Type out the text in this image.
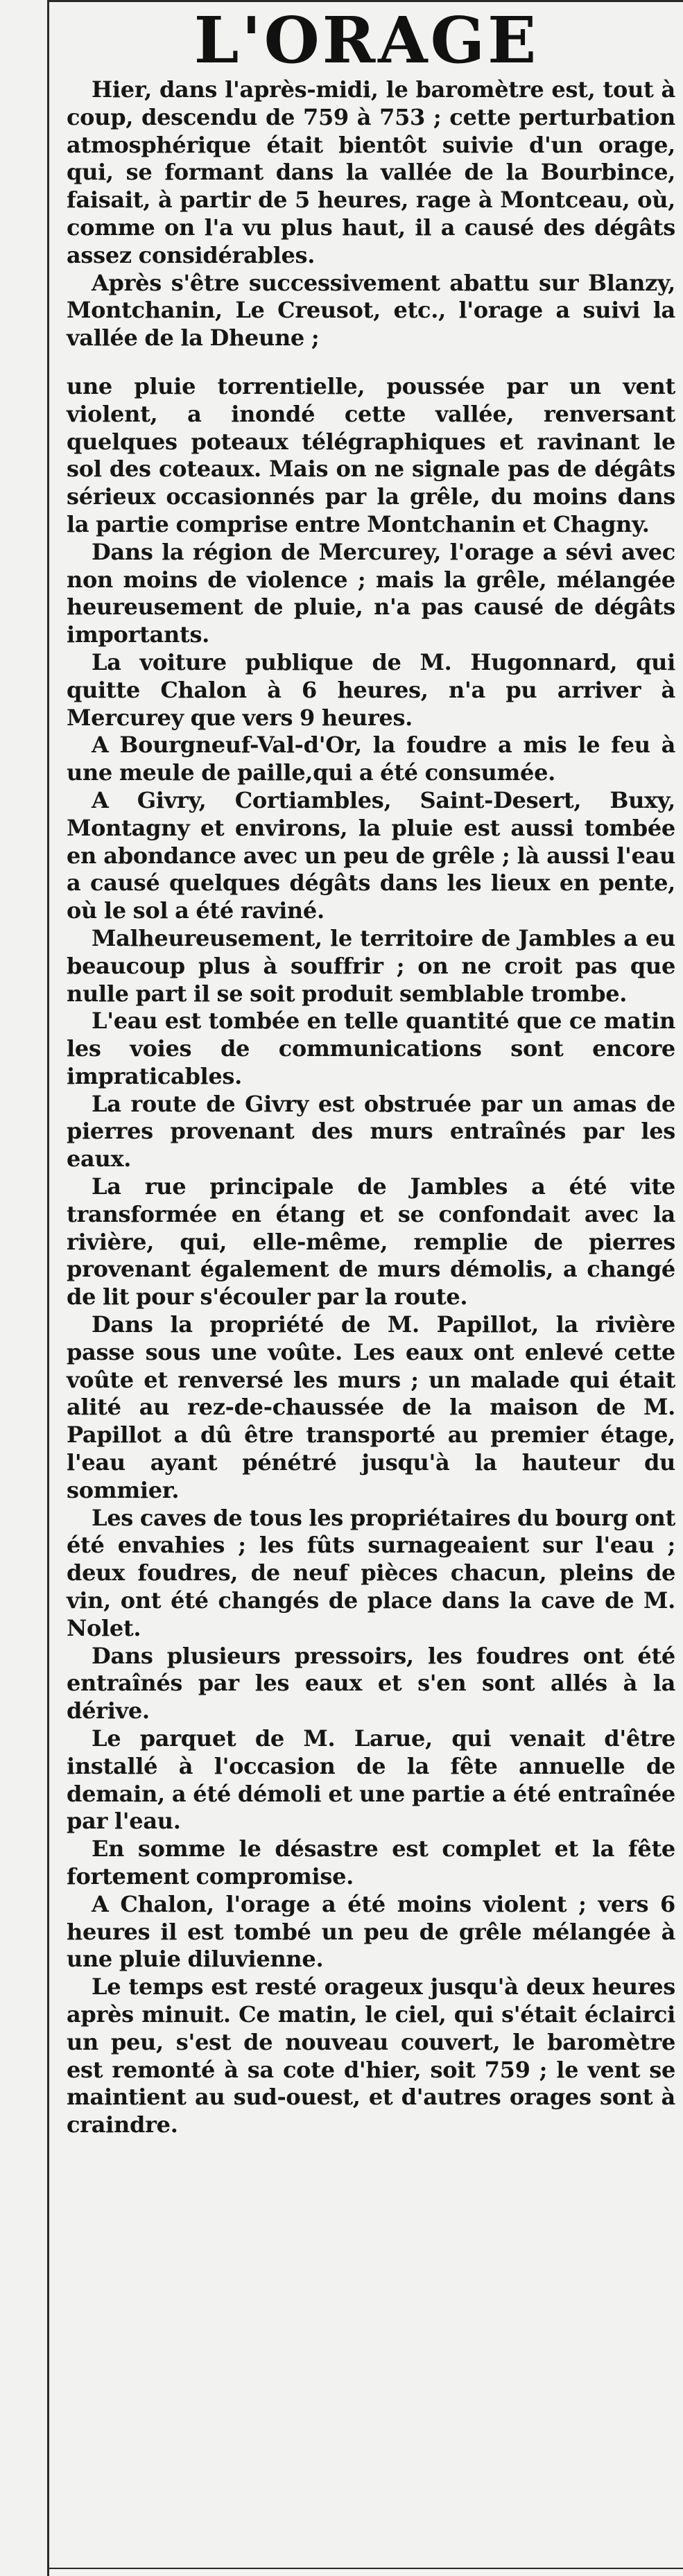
L'ORAGE

Hier, dans l'après-midi, le baromètre est, tout à coup, descendu de 759 à 753 ; cette perturbation atmosphérique était bientôt suivie d'un orage, qui, se formant dans la vallée de la Bourbince, faisait, à partir de 5 heures, rage à Montceau, où, comme on l'a vu plus haut, il a causé des dégâts assez considérables.

Après s'être successivement abattu sur Blanzy, Montchanin, Le Creusot, etc., l'orage a suivi la vallée de la Dheune ;

une pluie torrentielle, poussée par un vent violent, a inondé cette vallée, renversant quelques poteaux télégraphiques et ravinant le sol des coteaux. Mais on ne signale pas de dégâts sérieux occasionnés par la grêle, du moins dans la partie comprise entre Montchanin et Chagny.

Dans la région de Mercurey, l'orage a sévi avec non moins de violence ; mais la grêle, mélangée heureusement de pluie, n'a pas causé de dégâts importants.

La voiture publique de M. Hugonnard, qui quitte Chalon à 6 heures, n'a pu arriver à Mercurey que vers 9 heures.

A Bourgneuf-Val-d'Or, la foudre a mis le feu à une meule de paille,qui a été consumée.

A Givry, Cortiambles, Saint-Desert, Buxy, Montagny et environs, la pluie est aussi tombée en abondance avec un peu de grêle ; là aussi l'eau a causé quelques dégâts dans les lieux en pente, où le sol a été raviné.

Malheureusement, le territoire de Jambles a eu beaucoup plus à souffrir ; on ne croit pas que nulle part il se soit produit semblable trombe.

L'eau est tombée en telle quantité que ce matin les voies de communications sont encore impraticables.

La route de Givry est obstruée par un amas de pierres provenant des murs entraînés par les eaux.

La rue principale de Jambles a été vite transformée en étang et se confondait avec la rivière, qui, elle-même, remplie de pierres provenant également de murs démolis, a changé de lit pour s'écouler par la route.

Dans la propriété de M. Papillot, la rivière passe sous une voûte. Les eaux ont enlevé cette voûte et renversé les murs ; un malade qui était alité au rez-de-chaussée de la maison de M. Papillot a dû être transporté au premier étage, l'eau ayant pénétré jusqu'à la hauteur du sommier.

Les caves de tous les propriétaires du bourg ont été envahies ; les fûts surnageaient sur l'eau ; deux foudres, de neuf pièces chacun, pleins de vin, ont été changés de place dans la cave de M. Nolet.

Dans plusieurs pressoirs, les foudres ont été entraînés par les eaux et s'en sont allés à la dérive.

Le parquet de M. Larue, qui venait d'être installé à l'occasion de la fête annuelle de demain, a été démoli et une partie a été entraînée par l'eau.

En somme le désastre est complet et la fête fortement compromise.

A Chalon, l'orage a été moins violent ; vers 6 heures il est tombé un peu de grêle mélangée à une pluie diluvienne.

Le temps est resté orageux jusqu'à deux heures après minuit. Ce matin, le ciel, qui s'était éclairci un peu, s'est de nouveau couvert, le baromètre est remonté à sa cote d'hier, soit 759 ; le vent se maintient au sud-ouest, et d'autres orages sont à craindre.
